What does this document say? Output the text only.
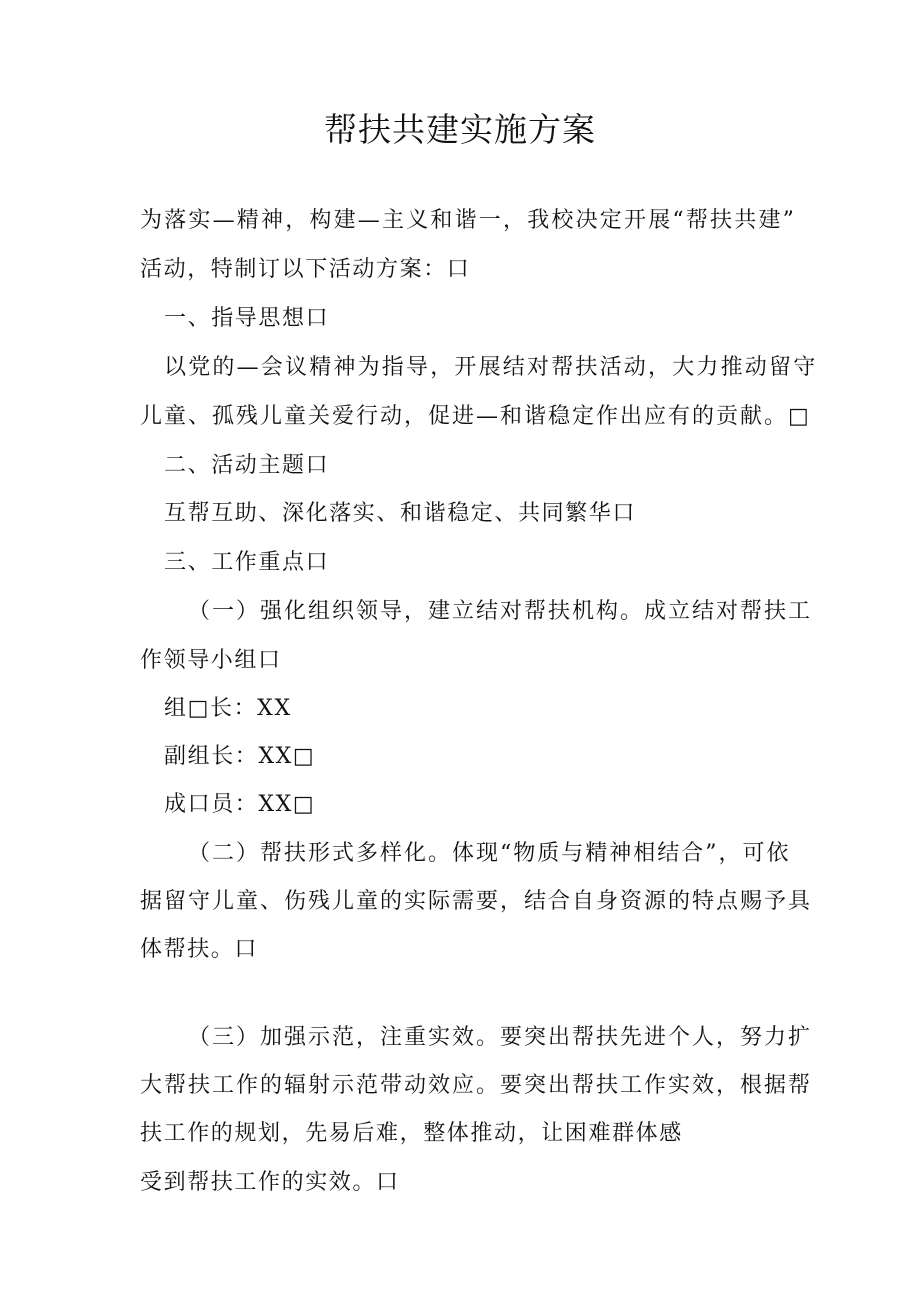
帮扶共建实施方案
为落实—精神，构建—主义和谐一，我校决定开展“帮扶共建”
活动，特制订以下活动方案：口
一、指导思想口
以党的—会议精神为指导，开展结对帮扶活动，大力推动留守
儿童、孤残儿童关爱行动，促进—和谐稳定作出应有的贡献。□
二、活动主题口
互帮互助、深化落实、和谐稳定、共同繁华口
三、工作重点口
（一）强化组织领导，建立结对帮扶机构。成立结对帮扶工
作领导小组口
组□长：XX
副组长：XX□
成口员：XX□
（二）帮扶形式多样化。体现“物质与精神相结合”，可依
据留守儿童、伤残儿童的实际需要，结合自身资源的特点赐予具
体帮扶。口
（三）加强示范，注重实效。要突出帮扶先进个人，努力扩
大帮扶工作的辐射示范带动效应。要突出帮扶工作实效，根据帮
扶工作的规划，先易后难，整体推动，让困难群体感
受到帮扶工作的实效。口
